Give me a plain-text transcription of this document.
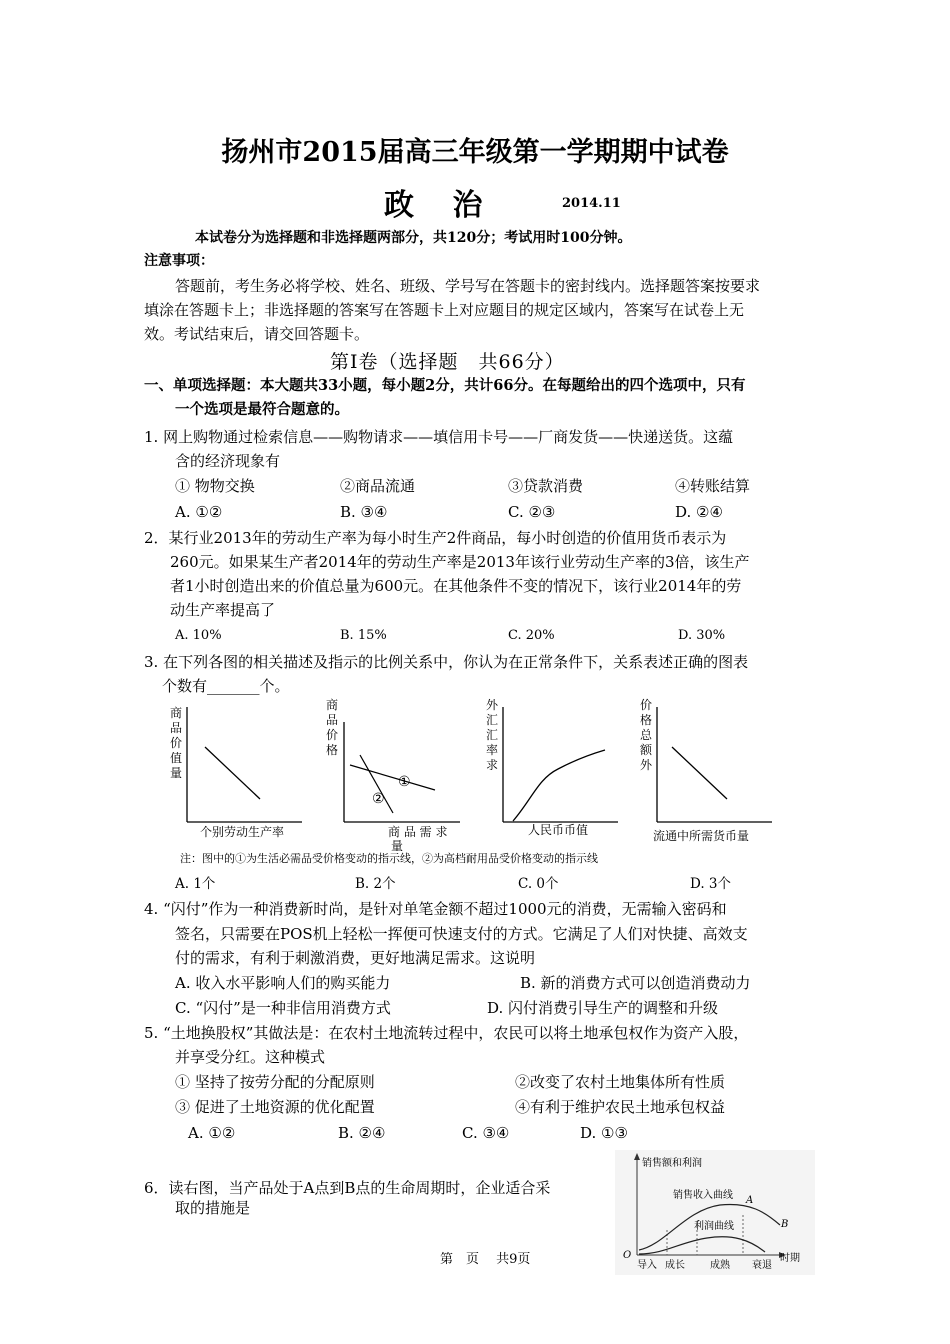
扬州市2015届高三年级第一学期期中试卷
政 治	2014.11
本试卷分为选择题和非选择题两部分，共120分；考试用时100分钟。
注意事项：
答题前，考生务必将学校、姓名、班级、学号写在答题卡的密封线内。选择题答案按要求
填涂在答题卡上；非选择题的答案写在答题卡上对应题目的规定区域内，答案写在试卷上无
效。考试结束后，请交回答题卡。
第Ⅰ卷（选择题　共66分）
一、单项选择题：本大题共33小题，每小题2分，共计66分。在每题给出的四个选项中，只有
一个选项是最符合题意的。
1. 网上购物通过检索信息——购物请求——填信用卡号——厂商发货——快递送货。这蕴
含的经济现象有
① 物物交换	②商品流通	③贷款消费	④转账结算
A. ①②	B. ③④	C. ②③	D. ②④
2．某行业2013年的劳动生产率为每小时生产2件商品，每小时创造的价值用货币表示为
260元。如果某生产者2014年的劳动生产率是2013年该行业劳动生产率的3倍，该生产
者1小时创造出来的价值总量为600元。在其他条件不变的情况下，该行业2014年的劳
动生产率提高了
A. 10%	B. 15%	C. 20%	D. 30%
3. 在下列各图的相关描述及指示的比例关系中，你认为在正常条件下，关系表述正确的图表
个数有_______个。
商
品
价
值
量
个别劳动生产率
商
品
价
格
①
②
商 品 需 求
量
外
汇
汇
率
求
人民币币值
价
格
总
额
外
流通中所需货币量
注：图中的①为生活必需品受价格变动的指示线，②为高档耐用品受价格变动的指示线
A. 1个	B. 2个	C. 0个	D. 3个
4. “闪付”作为一种消费新时尚，是针对单笔金额不超过1000元的消费，无需输入密码和
签名，只需要在POS机上轻松一挥便可快速支付的方式。它满足了人们对快捷、高效支
付的需求，有利于刺激消费，更好地满足需求。这说明
A. 收入水平影响人们的购买能力	B. 新的消费方式可以创造消费动力
C. “闪付”是一种非信用消费方式	D. 闪付消费引导生产的调整和升级
5. “土地换股权”其做法是：在农村土地流转过程中，农民可以将土地承包权作为资产入股，
并享受分红。这种模式
① 坚持了按劳分配的分配原则	②改变了农村土地集体所有性质
③ 促进了土地资源的优化配置	④有利于维护农民土地承包权益
A. ①②	B. ②④	C. ③④	D. ①③
6．读右图，当产品处于A点到B点的生命周期时，企业适合采
取的措施是
销售额和利润
销售收入曲线 A
利润曲线	B
O	时期
导入 成长	成熟 衰退
第　页　 共9页
